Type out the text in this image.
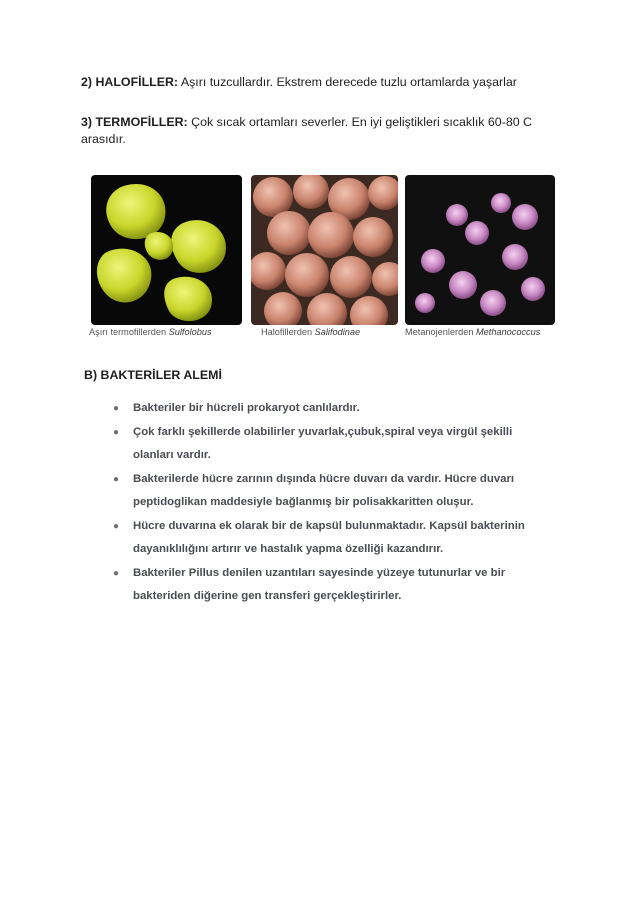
2) HALOFİLLER: Aşırı tuzcullardır. Ekstrem derecede tuzlu ortamlarda yaşarlar
3) TERMOFİLLER: Çok sıcak ortamları severler. En iyi geliştikleri sıcaklık 60-80 C arasıdır.
Aşırı termofillerden Sulfolobus	Halofillerden Salifodinae	Metanojenlerden Methanococcus
B) BAKTERİLER ALEMİ
● Bakteriler bir hücreli prokaryot canlılardır.
● Çok farklı şekillerde olabilirler yuvarlak,çubuk,spiral veya virgül şekilli olanları vardır.
● Bakterilerde hücre zarının dışında hücre duvarı da vardır. Hücre duvarı peptidoglikan maddesiyle bağlanmış bir polisakkaritten oluşur.
● Hücre duvarına ek olarak bir de kapsül bulunmaktadır. Kapsül bakterinin dayanıklılığını artırır ve hastalık yapma özelliği kazandırır.
● Bakteriler Pillus denilen uzantıları sayesinde yüzeye tutunurlar ve bir bakteriden diğerine gen transferi gerçekleştirirler.
